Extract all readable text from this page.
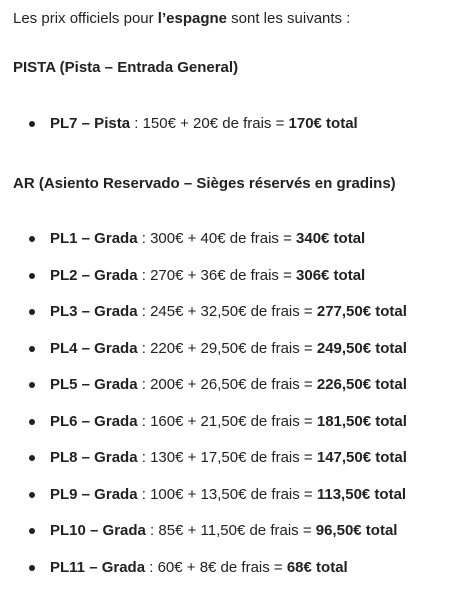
Les prix officiels pour l’espagne sont les suivants :

PISTA (Pista – Entrada General)
PL7 – Pista : 150€ + 20€ de frais = 170€ total
AR (Asiento Reservado – Sièges réservés en gradins)
PL1 – Grada : 300€ + 40€ de frais = 340€ total
PL2 – Grada : 270€ + 36€ de frais = 306€ total
PL3 – Grada : 245€ + 32,50€ de frais = 277,50€ total
PL4 – Grada : 220€ + 29,50€ de frais = 249,50€ total
PL5 – Grada : 200€ + 26,50€ de frais = 226,50€ total
PL6 – Grada : 160€ + 21,50€ de frais = 181,50€ total
PL8 – Grada : 130€ + 17,50€ de frais = 147,50€ total
PL9 – Grada : 100€ + 13,50€ de frais = 113,50€ total
PL10 – Grada : 85€ + 11,50€ de frais = 96,50€ total
PL11 – Grada : 60€ + 8€ de frais = 68€ total
